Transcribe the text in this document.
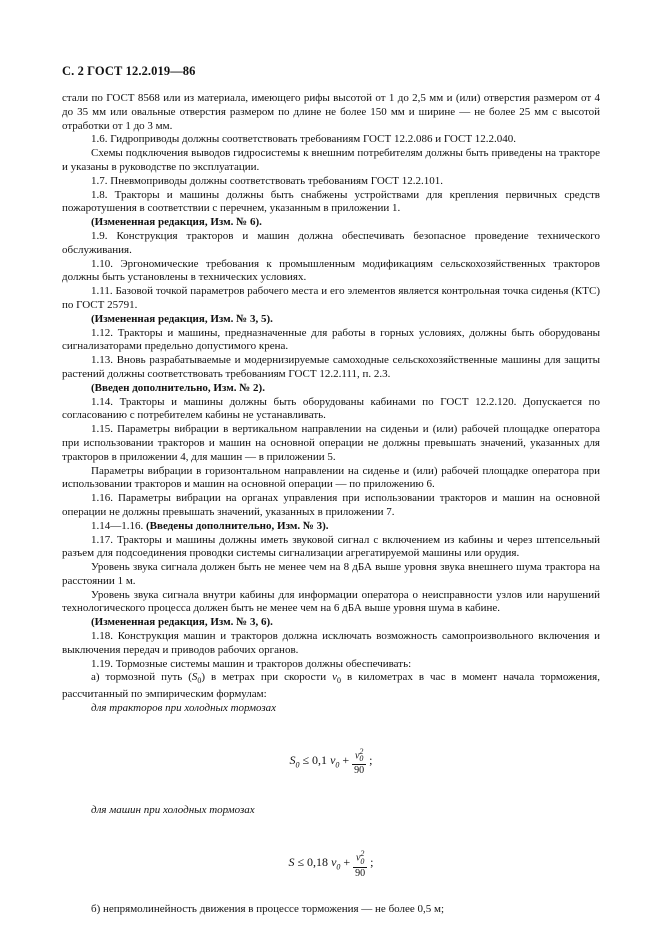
С. 2 ГОСТ 12.2.019—86

стали по ГОСТ 8568 или из материала, имеющего рифы высотой от 1 до 2,5 мм и (или) отверстия размером от 4 до 35 мм или овальные отверстия размером по длине не более 150 мм и ширине — не более 25 мм с высотой отработки от 1 до 3 мм.

1.6. Гидроприводы должны соответствовать требованиям ГОСТ 12.2.086 и ГОСТ 12.2.040.

Схемы подключения выводов гидросистемы к внешним потребителям должны быть приведены на тракторе и указаны в руководстве по эксплуатации.

1.7. Пневмоприводы должны соответствовать требованиям ГОСТ 12.2.101.

1.8. Тракторы и машины должны быть снабжены устройствами для крепления первичных средств пожаротушения в соответствии с перечнем, указанным в приложении 1.

(Измененная редакция, Изм. № 6).

1.9. Конструкция тракторов и машин должна обеспечивать безопасное проведение технического обслуживания.

1.10. Эргономические требования к промышленным модификациям сельскохозяйственных тракторов должны быть установлены в технических условиях.

1.11. Базовой точкой параметров рабочего места и его элементов является контрольная точка сиденья (КТС) по ГОСТ 25791.

(Измененная редакция, Изм. № 3, 5).

1.12. Тракторы и машины, предназначенные для работы в горных условиях, должны быть оборудованы сигнализаторами предельно допустимого крена.

1.13. Вновь разрабатываемые и модернизируемые самоходные сельскохозяйственные машины для защиты растений должны соответствовать требованиям ГОСТ 12.2.111, п. 2.3.

(Введен дополнительно, Изм. № 2).

1.14. Тракторы и машины должны быть оборудованы кабинами по ГОСТ 12.2.120. Допускается по согласованию с потребителем кабины не устанавливать.

1.15. Параметры вибрации в вертикальном направлении на сиденьи и (или) рабочей площадке оператора при использовании тракторов и машин на основной операции не должны превышать значений, указанных для тракторов в приложении 4, для машин — в приложении 5.

Параметры вибрации в горизонтальном направлении на сиденье и (или) рабочей площадке оператора при использовании тракторов и машин на основной операции — по приложению 6.

1.16. Параметры вибрации на органах управления при использовании тракторов и машин на основной операции не должны превышать значений, указанных в приложении 7.

1.14—1.16. (Введены дополнительно, Изм. № 3).

1.17. Тракторы и машины должны иметь звуковой сигнал с включением из кабины и через штепсельный разъем для подсоединения проводки системы сигнализации агрегатируемой машины или орудия.

Уровень звука сигнала должен быть не менее чем на 8 дБА выше уровня звука внешнего шума трактора на расстоянии 1 м.

Уровень звука сигнала внутри кабины для информации оператора о неисправности узлов или нарушений технологического процесса должен быть не менее чем на 6 дБА выше уровня шума в кабине.

(Измененная редакция, Изм. № 3, 6).

1.18. Конструкция машин и тракторов должна исключать возможность самопроизвольного включения и выключения передач и приводов рабочих органов.

1.19. Тормозные системы машин и тракторов должны обеспечивать:

а) тормозной путь $(S_0)$ в метрах при скорости $v_0$ в километрах в час в момент начала торможения, рассчитанный по эмпирическим формулам:

для тракторов при холодных тормозах

$S_0 \le 0,1$ $v_0 + \frac{v^2_0}{90}$ ;

для машин при холодных тормозах

S ≤ 0,18 $v_0 + \frac{v^2_0}{90}$ ;

б) непрямолинейность движения в процессе торможения — не более 0,5 м;
